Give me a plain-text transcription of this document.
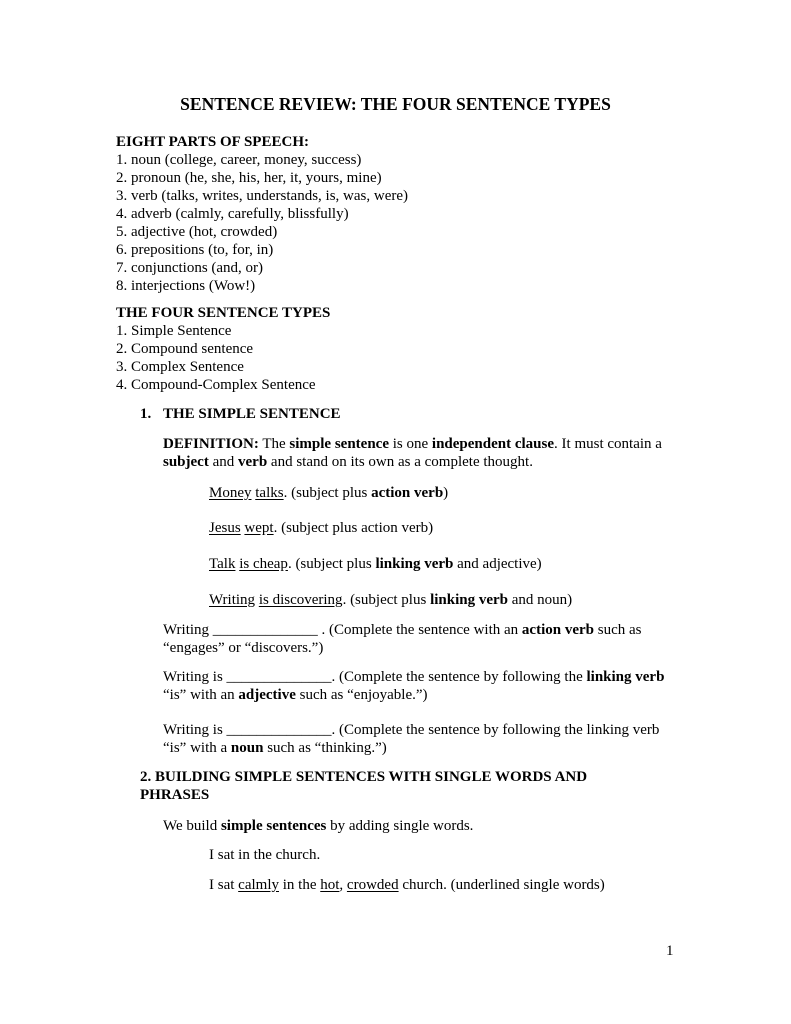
SENTENCE REVIEW: THE FOUR SENTENCE TYPES
EIGHT PARTS OF SPEECH:
1. noun (college, career, money, success)
2. pronoun (he, she, his, her, it, yours, mine)
3. verb (talks, writes, understands, is, was, were)
4. adverb (calmly, carefully, blissfully)
5. adjective (hot, crowded)
6. prepositions (to, for, in)
7. conjunctions (and, or)
8. interjections (Wow!)
THE FOUR SENTENCE TYPES
1. Simple Sentence
2. Compound sentence
3. Complex Sentence
4. Compound-Complex Sentence
1. THE SIMPLE SENTENCE
DEFINITION: The simple sentence is one independent clause. It must contain a subject and verb and stand on its own as a complete thought.
Money talks. (subject plus action verb)
Jesus wept. (subject plus action verb)
Talk is cheap. (subject plus linking verb and adjective)
Writing is discovering. (subject plus linking verb and noun)
Writing ______________ . (Complete the sentence with an action verb such as “engages” or “discovers.”)
Writing is ______________. (Complete the sentence by following the linking verb “is” with an adjective such as “enjoyable.”)
Writing is ______________. (Complete the sentence by following the linking verb “is” with a noun such as “thinking.”)
2. BUILDING SIMPLE SENTENCES WITH SINGLE WORDS AND PHRASES
We build simple sentences by adding single words.
I sat in the church.
I sat calmly in the hot, crowded church. (underlined single words)
1
